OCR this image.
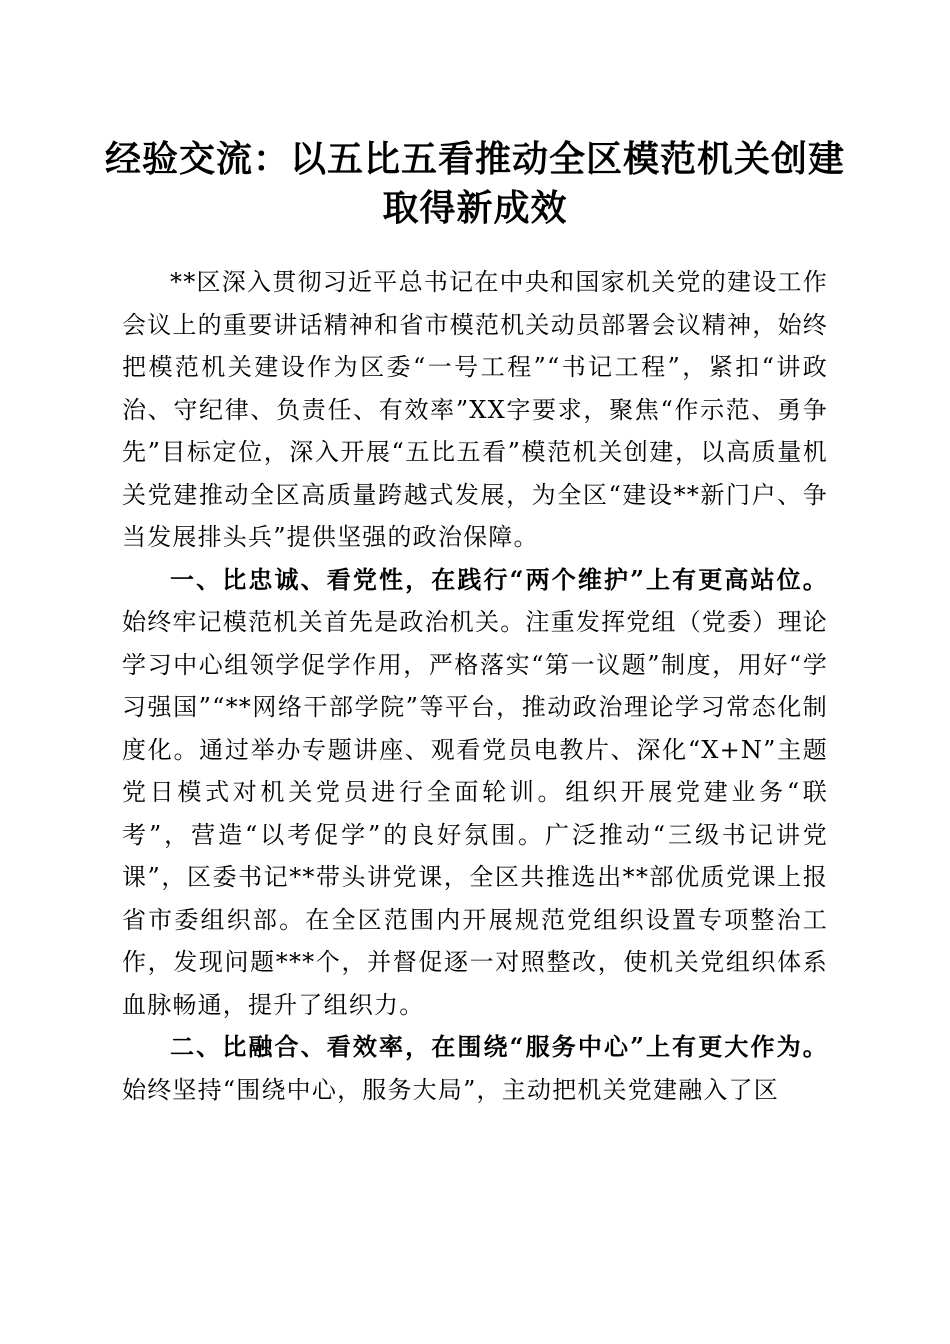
经验交流：以五比五看推动全区模范机关创建
取得新成效

**区深入贯彻习近平总书记在中央和国家机关党的建设工作会议上的重要讲话精神和省市模范机关动员部署会议精神，始终把模范机关建设作为区委“一号工程”“书记工程”，紧扣“讲政治、守纪律、负责任、有效率”XX字要求，聚焦“作示范、勇争先”目标定位，深入开展“五比五看”模范机关创建，以高质量机关党建推动全区高质量跨越式发展，为全区“建设**新门户、争当发展排头兵”提供坚强的政治保障。

一、比忠诚、看党性，在践行“两个维护”上有更高站位。始终牢记模范机关首先是政治机关。注重发挥党组（党委）理论学习中心组领学促学作用，严格落实“第一议题”制度，用好“学习强国”“**网络干部学院”等平台，推动政治理论学习常态化制度化。通过举办专题讲座、观看党员电教片、深化“X+N”主题党日模式对机关党员进行全面轮训。组织开展党建业务“联考”，营造“以考促学”的良好氛围。广泛推动“三级书记讲党课”，区委书记**带头讲党课，全区共推选出**部优质党课上报省市委组织部。在全区范围内开展规范党组织设置专项整治工作，发现问题***个，并督促逐一对照整改，使机关党组织体系血脉畅通，提升了组织力。

二、比融合、看效率，在围绕“服务中心”上有更大作为。始终坚持“围绕中心，服务大局”，主动把机关党建融入了区
